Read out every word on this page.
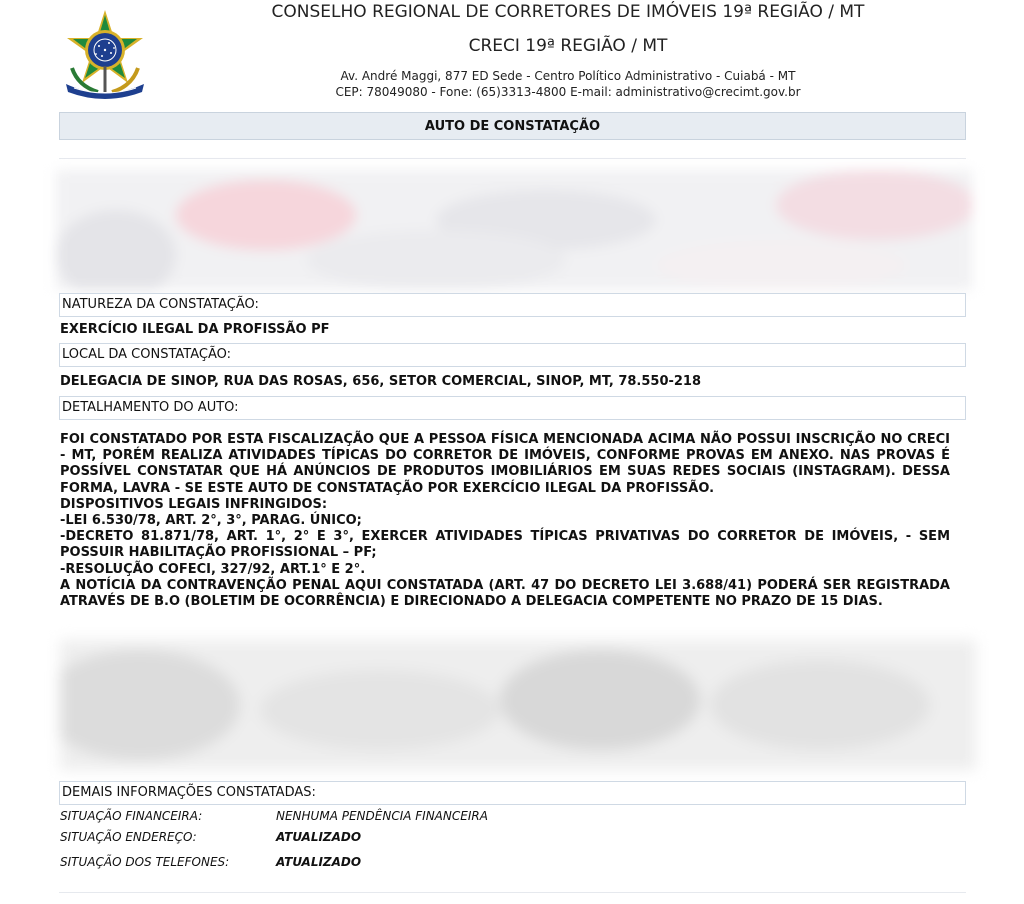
CONSELHO REGIONAL DE CORRETORES DE IMÓVEIS 19ª REGIÃO / MT
CRECI 19ª REGIÃO / MT
Av. André Maggi, 877 ED Sede - Centro Político Administrativo - Cuiabá - MT
CEP: 78049080 - Fone: (65)3313-4800 E-mail: administrativo@crecimt.gov.br
AUTO DE CONSTATAÇÃO
NATUREZA DA CONSTATAÇÃO:
EXERCÍCIO ILEGAL DA PROFISSÃO PF
LOCAL DA CONSTATAÇÃO:
DELEGACIA DE SINOP, RUA DAS ROSAS, 656, SETOR COMERCIAL, SINOP, MT, 78.550-218
DETALHAMENTO DO AUTO:

FOI CONSTATADO POR ESTA FISCALIZAÇÃO QUE A PESSOA FÍSICA MENCIONADA ACIMA NÃO POSSUI INSCRIÇÃO NO CRECI - MT, PORÉM REALIZA ATIVIDADES TÍPICAS DO CORRETOR DE IMÓVEIS, CONFORME PROVAS EM ANEXO. NAS PROVAS É POSSÍVEL CONSTATAR QUE HÁ ANÚNCIOS DE PRODUTOS IMOBILIÁRIOS EM SUAS REDES SOCIAIS (INSTAGRAM). DESSA FORMA, LAVRA - SE ESTE AUTO DE CONSTATAÇÃO POR EXERCÍCIO ILEGAL DA PROFISSÃO.

DISPOSITIVOS LEGAIS INFRINGIDOS:
-LEI 6.530/78, ART. 2°, 3°, PARAG. ÚNICO;

-DECRETO 81.871/78, ART. 1°, 2° E 3°, EXERCER ATIVIDADES TÍPICAS PRIVATIVAS DO CORRETOR DE IMÓVEIS, - SEM POSSUIR HABILITAÇÃO PROFISSIONAL – PF;

-RESOLUÇÃO COFECI, 327/92, ART.1° E 2°.

A NOTÍCIA DA CONTRAVENÇÃO PENAL AQUI CONSTATADA (ART. 47 DO DECRETO LEI 3.688/41) PODERÁ SER REGISTRADA ATRAVÉS DE B.O (BOLETIM DE OCORRÊNCIA) E DIRECIONADO A DELEGACIA COMPETENTE NO PRAZO DE 15 DIAS.

DEMAIS INFORMAÇÕES CONSTATADAS:
SITUAÇÃO FINANCEIRA:	NENHUMA PENDÊNCIA FINANCEIRA
SITUAÇÃO ENDEREÇO:	ATUALIZADO
SITUAÇÃO DOS TELEFONES:	ATUALIZADO
